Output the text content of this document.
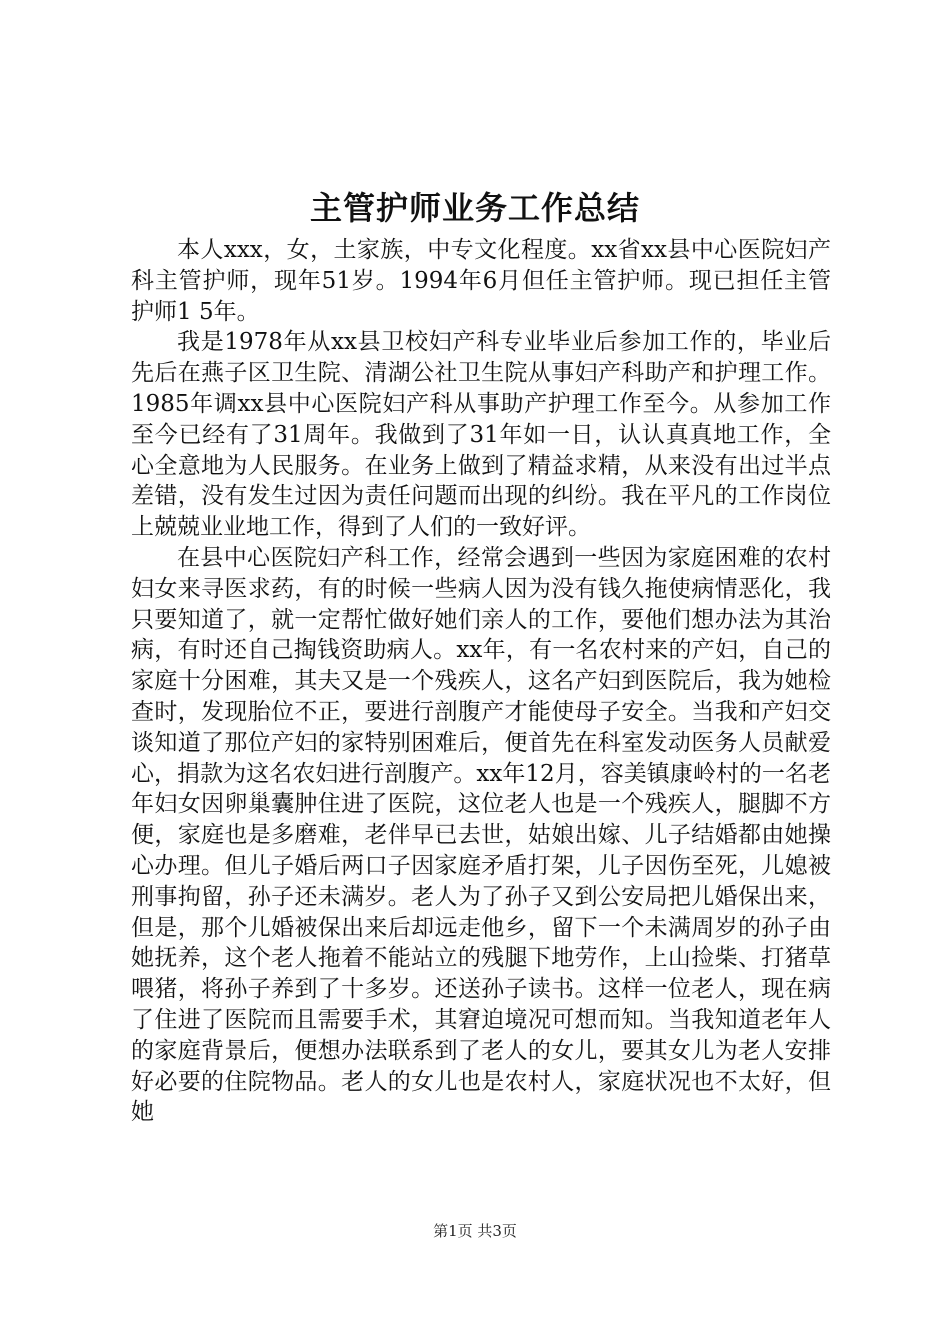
主管护师业务工作总结

本人xxx，女，土家族，中专文化程度。xx省xx县中心医院妇产科主管护师，现年51岁。1994年6月但任主管护师。现已担任主管护师1 5年。

我是1978年从xx县卫校妇产科专业毕业后参加工作的，毕业后先后在燕子区卫生院、清湖公社卫生院从事妇产科助产和护理工作。1985年调xx县中心医院妇产科从事助产护理工作至今。从参加工作至今已经有了31周年。我做到了31年如一日，认认真真地工作，全心全意地为人民服务。在业务上做到了精益求精，从来没有出过半点差错，没有发生过因为责任问题而出现的纠纷。我在平凡的工作岗位上兢兢业业地工作，得到了人们的一致好评。

在县中心医院妇产科工作，经常会遇到一些因为家庭困难的农村妇女来寻医求药，有的时候一些病人因为没有钱久拖使病情恶化，我只要知道了，就一定帮忙做好她们亲人的工作，要他们想办法为其治病，有时还自己掏钱资助病人。xx年，有一名农村来的产妇，自己的家庭十分困难，其夫又是一个残疾人，这名产妇到医院后，我为她检查时，发现胎位不正，要进行剖腹产才能使母子安全。当我和产妇交谈知道了那位产妇的家特别困难后，便首先在科室发动医务人员献爱心，捐款为这名农妇进行剖腹产。xx年12月，容美镇康岭村的一名老年妇女因卵巢囊肿住进了医院，这位老人也是一个残疾人，腿脚不方便，家庭也是多磨难，老伴早已去世，姑娘出嫁、儿子结婚都由她操心办理。但儿子婚后两口子因家庭矛盾打架，儿子因伤至死，儿媳被刑事拘留，孙子还未满岁。老人为了孙子又到公安局把儿婚保出来，但是，那个儿婚被保出来后却远走他乡，留下一个未满周岁的孙子由她抚养，这个老人拖着不能站立的残腿下地劳作，上山捡柴、打猪草喂猪，将孙子养到了十多岁。还送孙子读书。这样一位老人，现在病了住进了医院而且需要手术，其窘迫境况可想而知。当我知道老年人的家庭背景后，便想办法联系到了老人的女儿，要其女儿为老人安排好必要的住院物品。老人的女儿也是农村人，家庭状况也不太好，但她

第1页 共3页
